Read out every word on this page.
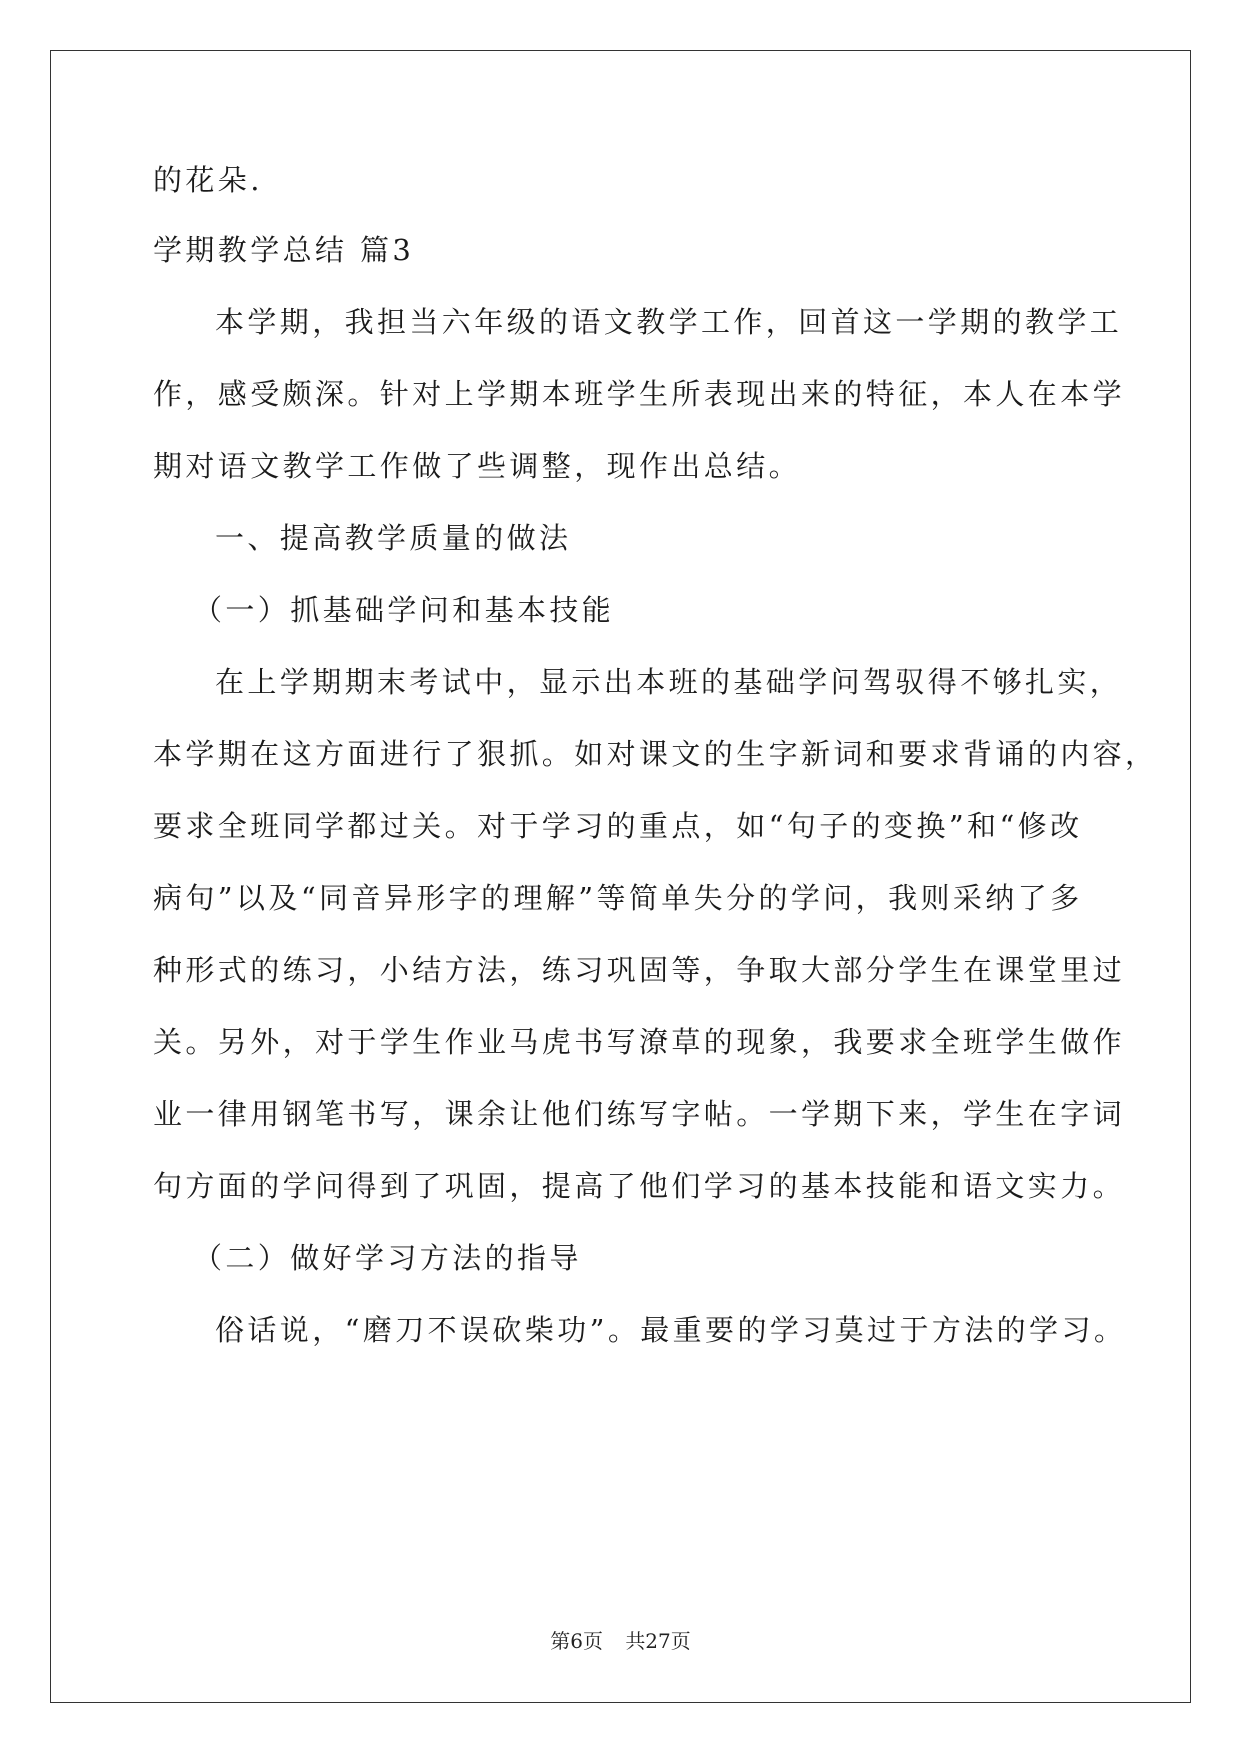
的花朵.
学期教学总结 篇3
本学期，我担当六年级的语文教学工作，回首这一学期的教学工
作，感受颇深。针对上学期本班学生所表现出来的特征，本人在本学
期对语文教学工作做了些调整，现作出总结。
一、提高教学质量的做法
（一）抓基础学问和基本技能
在上学期期末考试中，显示出本班的基础学问驾驭得不够扎实，
本学期在这方面进行了狠抓。如对课文的生字新词和要求背诵的内容，
要求全班同学都过关。对于学习的重点，如“句子的变换”和“修改
病句”以及“同音异形字的理解”等简单失分的学问，我则采纳了多
种形式的练习，小结方法，练习巩固等，争取大部分学生在课堂里过
关。另外，对于学生作业马虎书写潦草的现象，我要求全班学生做作
业一律用钢笔书写，课余让他们练写字帖。一学期下来，学生在字词
句方面的学问得到了巩固，提高了他们学习的基本技能和语文实力。
（二）做好学习方法的指导
俗话说，“磨刀不误砍柴功”。最重要的学习莫过于方法的学习。
第6页 共27页
